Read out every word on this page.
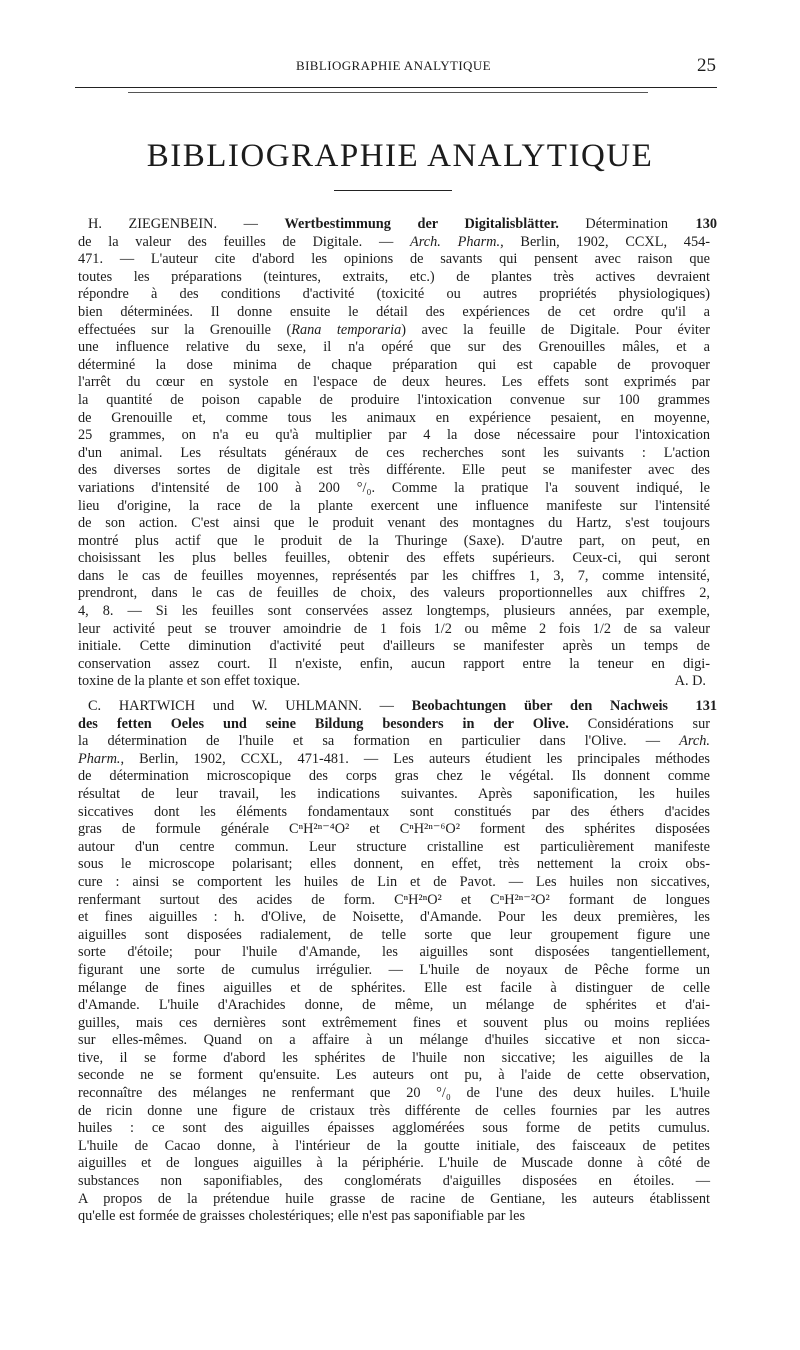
BIBLIOGRAPHIE ANALYTIQUE	25
BIBLIOGRAPHIE ANALYTIQUE
H. ZIEGENBEIN. — Wertbestimmung der Digitalisblätter. Détermination 130
de la valeur des feuilles de Digitale. — Arch. Pharm., Berlin, 1902, CCXL, 454-
471. — L'auteur cite d'abord les opinions de savants qui pensent avec raison que
toutes les préparations (teintures, extraits, etc.) de plantes très actives devraient
répondre à des conditions d'activité (toxicité ou autres propriétés physiologiques)
bien déterminées. Il donne ensuite le détail des expériences de cet ordre qu'il a
effectuées sur la Grenouille (Rana temporaria) avec la feuille de Digitale. Pour éviter
une influence relative du sexe, il n'a opéré que sur des Grenouilles mâles, et a
déterminé la dose minima de chaque préparation qui est capable de provoquer
l'arrêt du cœur en systole en l'espace de deux heures. Les effets sont exprimés par
la quantité de poison capable de produire l'intoxication convenue sur 100 grammes
de Grenouille et, comme tous les animaux en expérience pesaient, en moyenne,
25 grammes, on n'a eu qu'à multiplier par 4 la dose nécessaire pour l'intoxication
d'un animal. Les résultats généraux de ces recherches sont les suivants : L'action
des diverses sortes de digitale est très différente. Elle peut se manifester avec des
variations d'intensité de 100 à 200 °/₀. Comme la pratique l'a souvent indiqué, le
lieu d'origine, la race de la plante exercent une influence manifeste sur l'intensité
de son action. C'est ainsi que le produit venant des montagnes du Hartz, s'est toujours
montré plus actif que le produit de la Thuringe (Saxe). D'autre part, on peut, en
choisissant les plus belles feuilles, obtenir des effets supérieurs. Ceux-ci, qui seront
dans le cas de feuilles moyennes, représentés par les chiffres 1, 3, 7, comme intensité,
prendront, dans le cas de feuilles de choix, des valeurs proportionnelles aux chiffres 2,
4, 8. — Si les feuilles sont conservées assez longtemps, plusieurs années, par exemple,
leur activité peut se trouver amoindrie de 1 fois 1/2 ou même 2 fois 1/2 de sa valeur
initiale. Cette diminution d'activité peut d'ailleurs se manifester après un temps de
conservation assez court. Il n'existe, enfin, aucun rapport entre la teneur en digi-
toxine de la plante et son effet toxique.	A. D.
C. HARTWICH und W. UHLMANN. — Beobachtungen über den Nachweis 131
des fetten Oeles und seine Bildung besonders in der Olive. Considérations sur
la détermination de l'huile et sa formation en particulier dans l'Olive. — Arch.
Pharm., Berlin, 1902, CCXL, 471-481. — Les auteurs étudient les principales méthodes
de détermination microscopique des corps gras chez le végétal. Ils donnent comme
résultat de leur travail, les indications suivantes. Après saponification, les huiles
siccatives dont les éléments fondamentaux sont constitués par des éthers d'acides
gras de formule générale CⁿH²ⁿ⁻⁴O² et CⁿH²ⁿ⁻⁶O² forment des sphérites disposées
autour d'un centre commun. Leur structure cristalline est particulièrement manifeste
sous le microscope polarisant; elles donnent, en effet, très nettement la croix obs-
cure : ainsi se comportent les huiles de Lin et de Pavot. — Les huiles non siccatives,
renfermant surtout des acides de form. CⁿH²ⁿO² et CⁿH²ⁿ⁻²O² formant de longues
et fines aiguilles : h. d'Olive, de Noisette, d'Amande. Pour les deux premières, les
aiguilles sont disposées radialement, de telle sorte que leur groupement figure une
sorte d'étoile; pour l'huile d'Amande, les aiguilles sont disposées tangentiellement,
figurant une sorte de cumulus irrégulier. — L'huile de noyaux de Pêche forme un
mélange de fines aiguilles et de sphérites. Elle est facile à distinguer de celle
d'Amande. L'huile d'Arachides donne, de même, un mélange de sphérites et d'ai-
guilles, mais ces dernières sont extrêmement fines et souvent plus ou moins repliées
sur elles-mêmes. Quand on a affaire à un mélange d'huiles siccative et non sicca-
tive, il se forme d'abord les sphérites de l'huile non siccative; les aiguilles de la
seconde ne se forment qu'ensuite. Les auteurs ont pu, à l'aide de cette observation,
reconnaître des mélanges ne renfermant que 20 °/₀ de l'une des deux huiles. L'huile
de ricin donne une figure de cristaux très différente de celles fournies par les autres
huiles : ce sont des aiguilles épaisses agglomérées sous forme de petits cumulus.
L'huile de Cacao donne, à l'intérieur de la goutte initiale, des faisceaux de petites
aiguilles et de longues aiguilles à la périphérie. L'huile de Muscade donne à côté de
substances non saponifiables, des conglomérats d'aiguilles disposées en étoiles. —
A propos de la prétendue huile grasse de racine de Gentiane, les auteurs établissent
qu'elle est formée de graisses cholestériques; elle n'est pas saponifiable par les
